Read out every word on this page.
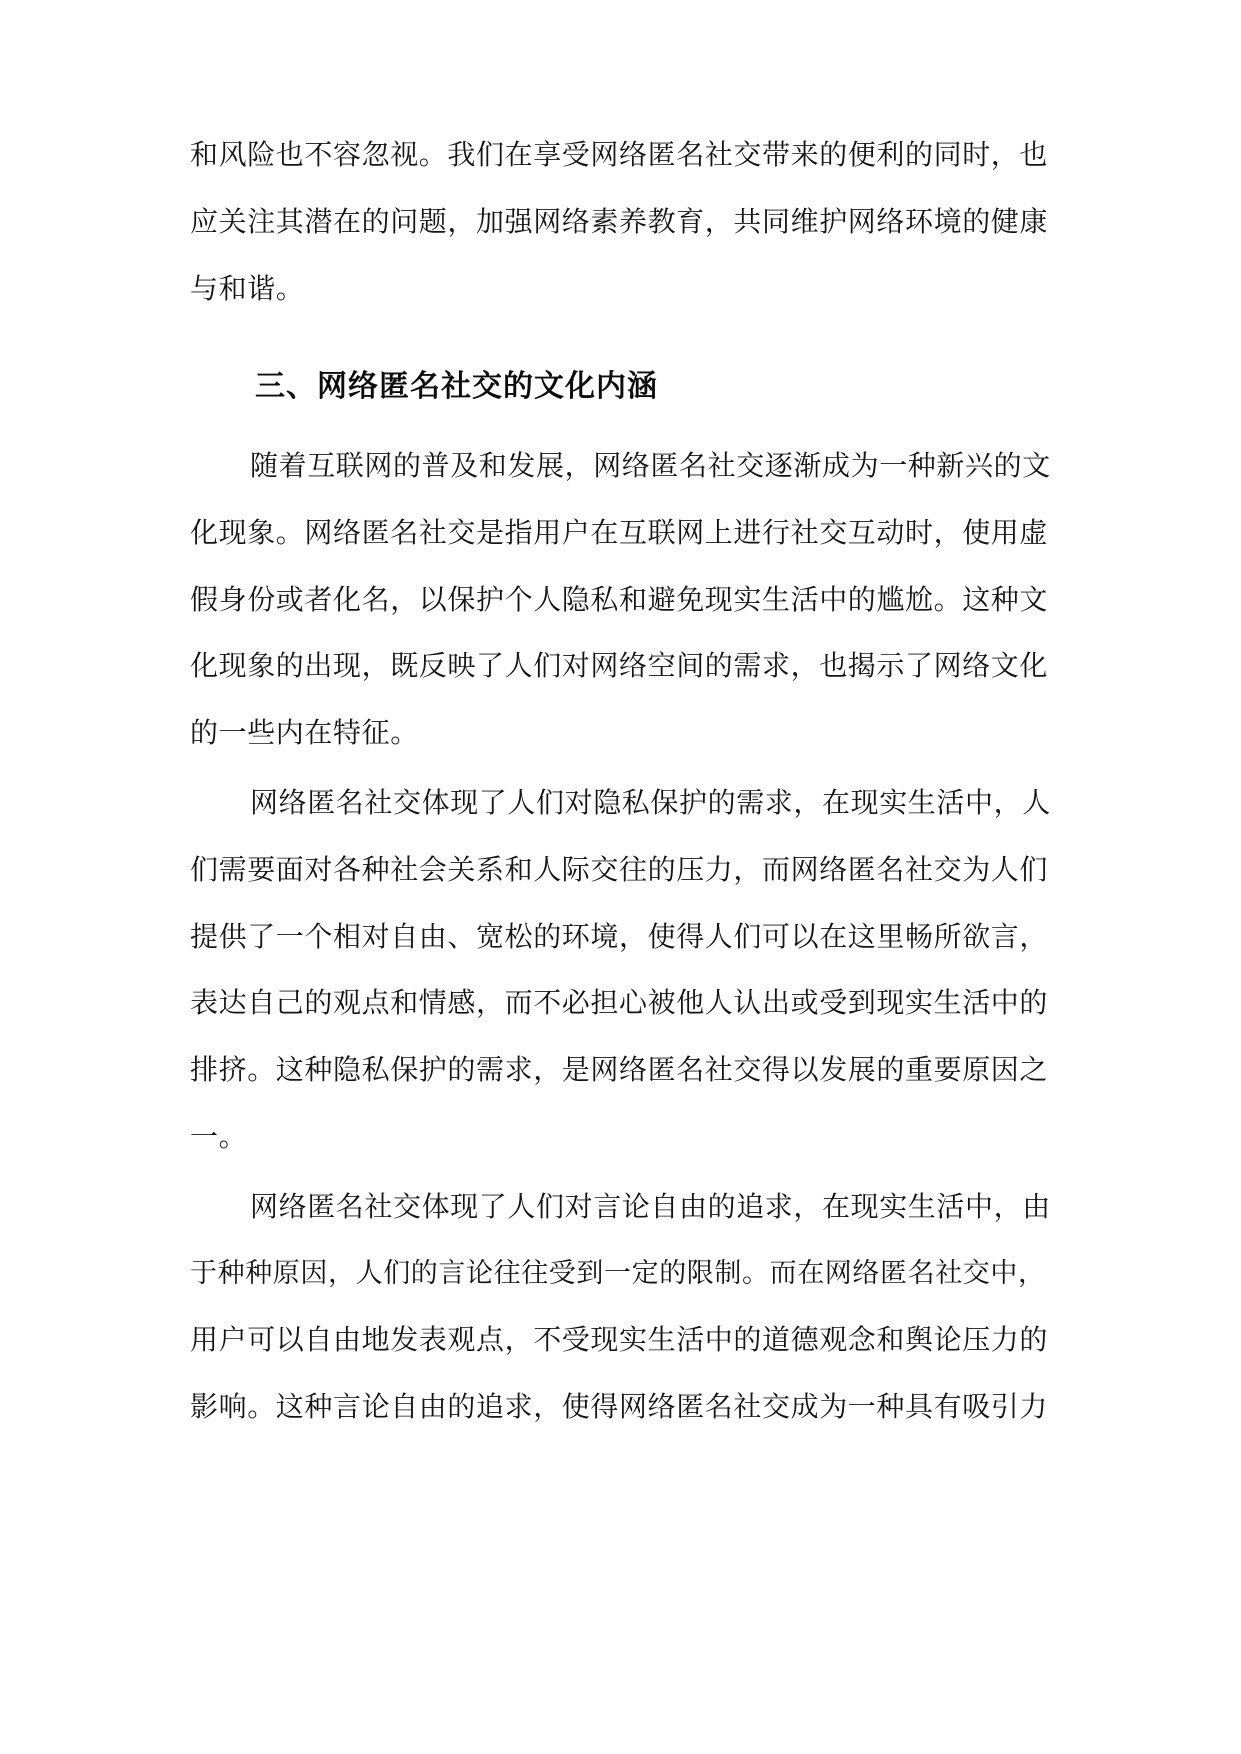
和风险也不容忽视。我们在享受网络匿名社交带来的便利的同时，也
应关注其潜在的问题，加强网络素养教育，共同维护网络环境的健康
与和谐。
三、网络匿名社交的文化内涵
随着互联网的普及和发展，网络匿名社交逐渐成为一种新兴的文
化现象。网络匿名社交是指用户在互联网上进行社交互动时，使用虚
假身份或者化名，以保护个人隐私和避免现实生活中的尴尬。这种文
化现象的出现，既反映了人们对网络空间的需求，也揭示了网络文化
的一些内在特征。
网络匿名社交体现了人们对隐私保护的需求，在现实生活中，人
们需要面对各种社会关系和人际交往的压力，而网络匿名社交为人们
提供了一个相对自由、宽松的环境，使得人们可以在这里畅所欲言，
表达自己的观点和情感，而不必担心被他人认出或受到现实生活中的
排挤。这种隐私保护的需求，是网络匿名社交得以发展的重要原因之
一。
网络匿名社交体现了人们对言论自由的追求，在现实生活中，由
于种种原因，人们的言论往往受到一定的限制。而在网络匿名社交中，
用户可以自由地发表观点，不受现实生活中的道德观念和舆论压力的
影响。这种言论自由的追求，使得网络匿名社交成为一种具有吸引力
